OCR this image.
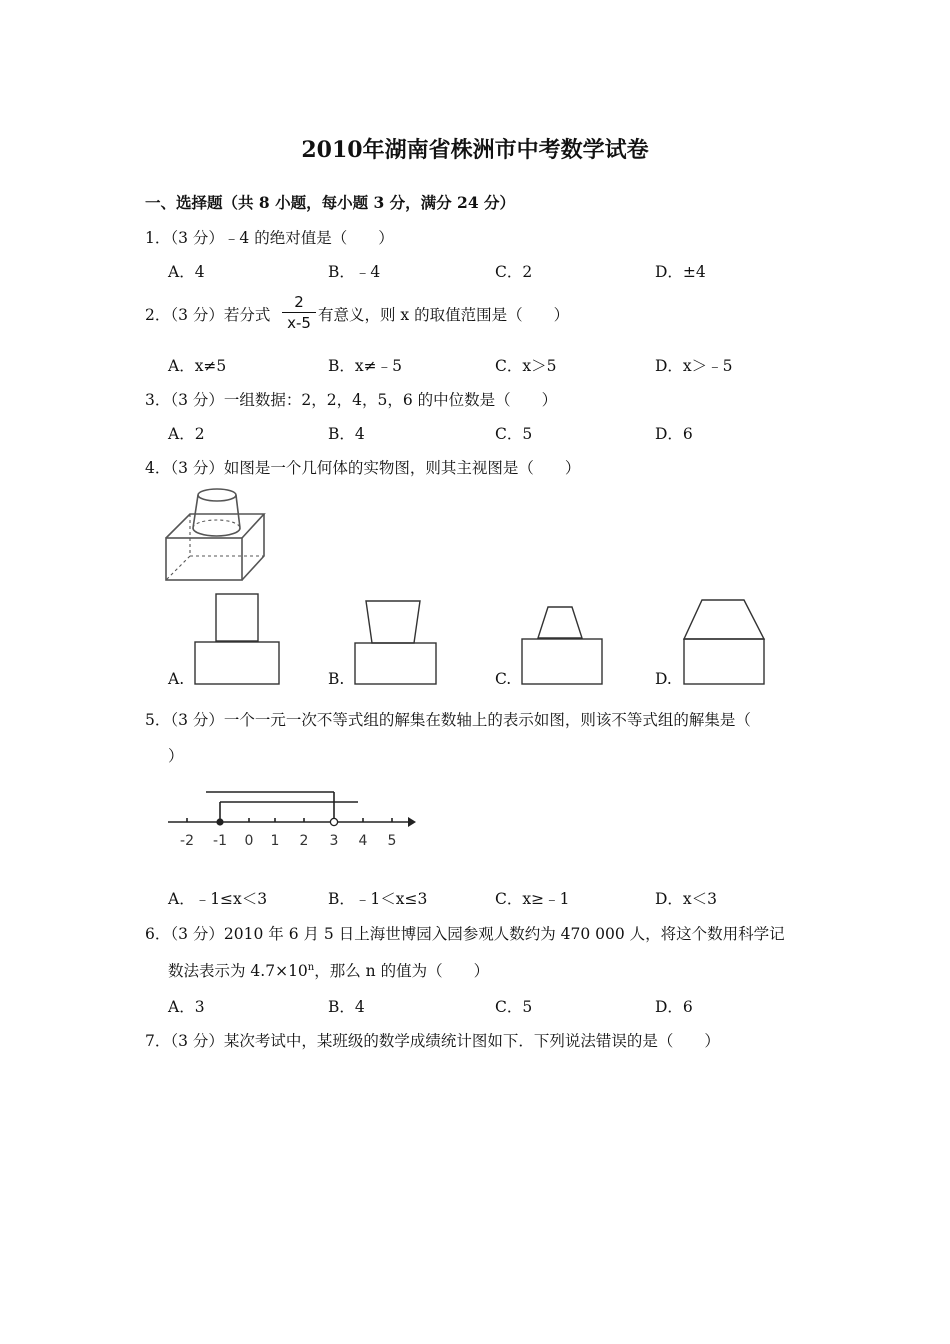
2010年湖南省株洲市中考数学试卷
一、选择题（共 8 小题，每小题 3 分，满分 24 分）
1．（3 分）﹣4 的绝对值是（　　）
A．4	B．﹣4	C．2	D．±4
2．（3 分）若分式
2
x-5 有意义，则 x 的取值范围是（　　）
A．x≠5	B．x≠﹣5	C．x＞5	D．x＞﹣5
3．（3 分）一组数据：2，2，4，5，6 的中位数是（　　）
A．2	B．4	C．5	D．6
4．（3 分）如图是一个几何体的实物图，则其主视图是（　　）
A.	B.	C.	D.
5．（3 分）一个一元一次不等式组的解集在数轴上的表示如图，则该不等式组的解集是（
）
-2 -1 0 1 2 3 4 5
A．﹣1≤x＜3	B．﹣1＜x≤3	C．x≥﹣1	D．x＜3
6．（3 分）2010 年 6 月 5 日上海世博园入园参观人数约为 470 000 人，将这个数用科学记
数法表示为 $4.7\times 10^n$，那么 n 的值为（　　）
A．3	B．4	C．5	D．6
7．（3 分）某次考试中，某班级的数学成绩统计图如下．下列说法错误的是（　　）
